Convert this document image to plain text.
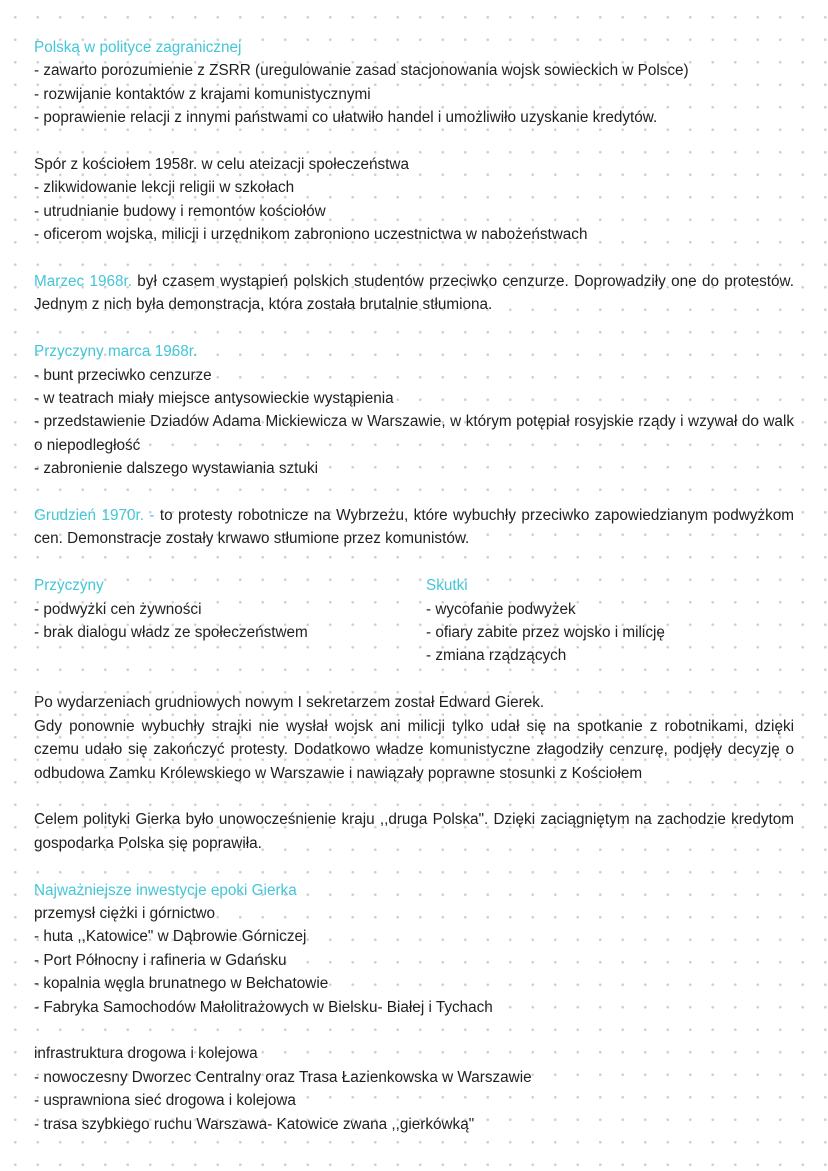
Polską w polityce zagranicznej

- zawarto porozumienie z ZSRR (uregulowanie zasad stacjonowania wojsk sowieckich w Polsce)

- rozwijanie kontaktów z krajami komunistycznymi

- poprawienie relacji z innymi państwami co ułatwiło handel i umożliwiło uzyskanie kredytów.

Spór z kościołem 1958r. w celu ateizacji społeczeństwa

- zlikwidowanie lekcji religii w szkołach

- utrudnianie budowy i remontów kościołów

- oficerom wojska, milicji i urzędnikom zabroniono uczestnictwa w nabożeństwach

Marzec 1968r. był czasem wystąpień polskich studentów przeciwko cenzurze. Doprowadziły one do protestów. Jednym z nich była demonstracja, która została brutalnie stłumiona.

Przyczyny marca 1968r.

- bunt przeciwko cenzurze

- w teatrach miały miejsce antysowieckie wystąpienia

- przedstawienie Dziadów Adama Mickiewicza w Warszawie, w którym potępiał rosyjskie rządy i wzywał do walk o niepodległość

- zabronienie dalszego wystawiania sztuki

Grudzień 1970r. - to protesty robotnicze na Wybrzeżu, które wybuchły przeciwko zapowiedzianym podwyżkom cen. Demonstracje zostały krwawo stłumione przez komunistów.

Przyczyny

- podwyżki cen żywności

- brak dialogu władz ze społeczeństwem

Skutki

- wycofanie podwyżek

- ofiary zabite przez wojsko i milicję

- zmiana rządzących

Po wydarzeniach grudniowych nowym I sekretarzem został Edward Gierek.

Gdy ponownie wybuchły strajki nie wysłał wojsk ani milicji tylko udał się na spotkanie z robotnikami, dzięki czemu udało się zakończyć protesty. Dodatkowo władze komunistyczne złagodziły cenzurę, podjęły decyzję o odbudowa Zamku Królewskiego w Warszawie i nawiązały poprawne stosunki z Kościołem

Celem polityki Gierka było unowocześnienie kraju ,,druga Polska". Dzięki zaciągniętym na zachodzie kredytom gospodarka Polska się poprawiła.

Najważniejsze inwestycje epoki Gierka

przemysł ciężki i górnictwo

- huta ,,Katowice" w Dąbrowie Górniczej

- Port Północny i rafineria w Gdańsku

- kopalnia węgla brunatnego w Bełchatowie

- Fabryka Samochodów Małolitrażowych w Bielsku- Białej i Tychach

infrastruktura drogowa i kolejowa

- nowoczesny Dworzec Centralny oraz Trasa Łazienkowska w Warszawie

- usprawniona sieć drogowa i kolejowa

- trasa szybkiego ruchu Warszawa- Katowice zwana ,,gierkówką"
